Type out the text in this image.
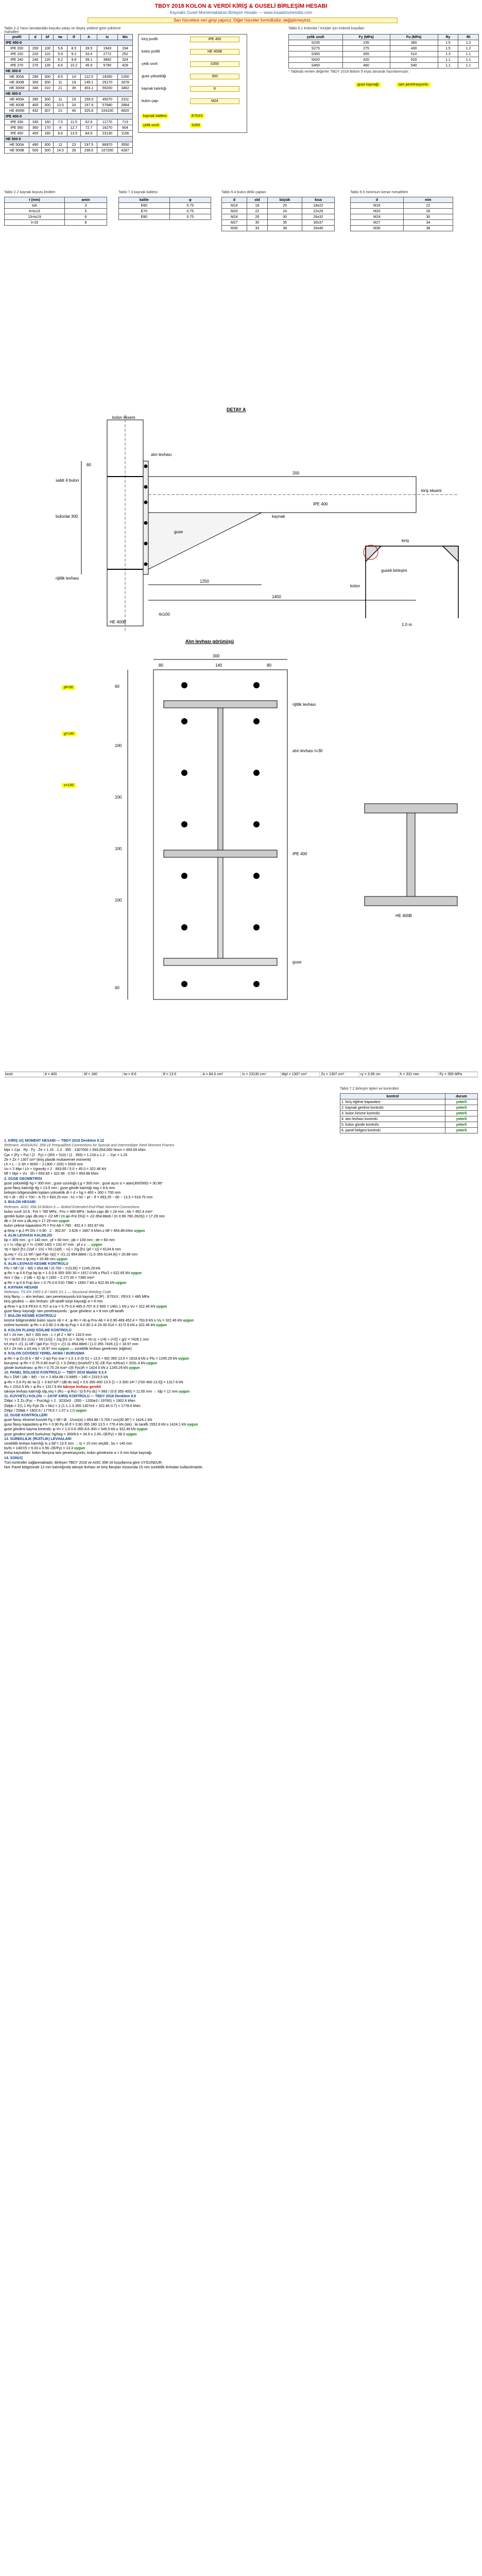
TBDY 2018 KOLON & VERDİ KİRİŞ & GUSELİ BİRLEŞİM HESABI
Kaynaklı Gusel Momentaktaran Birleşim Hesabı — www.insaatmuhendisi.com
Sarı hücrelere veri girişi yapınız. Diğer hücreler formüllüdür, değiştirmeyiniz.
Tablo 2.3 Yassı lamalardaki boyutlu yatay ve düşey yüklere göre yükleme mahalleri
profil	d	bf	tw	tf	A	Ix	Wx
IPE 450-0							
IPE 200	200	100	5.6	8.5	28.5	1943	194
IPE 220	220	110	5.9	9.2	33.4	2772	252
IPE 240	240	120	6.2	9.8	39.1	3892	324
IPE 270	270	135	6.6	10.2	45.9	5790	429
HE 300-0							
HE 300A	290	300	8.5	14	112.5	18260	1260
HE 300B	300	300	11	19	149.1	25170	1678
HE 300M	340	310	21	39	303.1	59200	3482
HE 400-0							
HE 400A	390	300	11	19	159.0	45070	2311
HE 400B	400	300	13.5	24	197.8	57680	2884
HE 400M	432	307	21	40	325.8	104100	4820
IPE 400-0							
IPE 330	330	160	7.5	11.5	62.6	11770	713
IPE 360	360	170	8	12.7	72.7	16270	904
IPE 400	400	180	8.6	13.5	84.5	23130	1156
HE 500-0							
HE 500A	490	300	12	23	197.5	86970	3550
HE 500B	500	300	14.5	28	238.6	107200	4287
kiriş profili
IPE 400
kolon profili
HE 400B
çelik sınıfı
S355
guse yüksekliği
300
kaynak kalınlığı
8
bulon çapı
M24
kaynak kalitesi	E70XX
çelik sınıfı	S355
Tablo 6.1 Kolonlar / Kirişler için enkesit koşulları
çelik sınıfı	Fy (MPa)	Fu (MPa)	Ry	Rt
S235	235	360	1.5	1.2
S275	275	430	1.5	1.2
S355	355	510	1.3	1.1
S420	420	520	1.1	1.1
S460	460	540	1.1	1.1
* Tabloda verilen değerler TBDY 2018 Bölüm 9 esas alınarak hazırlanmıştır.
guse kaynağı	tam penetrasyonlu
Tablo 2.2 kaynak boyutu limitleri
t (mm)	amin
t≤6	3
6<t≤13	5
13<t≤19	6
t>19	8
Tablo 7.3 kaynak kalitesi
kalite	φ
E60	0.75
E70	0.75
E80	0.75
Tablo 9.4 bulon delik çapları
d	std	büyük	kısa
M16	18	20	18x22
M20	22	24	22x26
M24	26	30	26x32
M27	30	35	30x37
M30	33	38	33x40
Tablo 9.5 minimum kenar mesafeleri
d	min
M16	22
M20	26
M24	30
M27	34
M30	38
DETAY A
kolon ekseni
kiriş ekseni
guse
alın levhası
bulonlar	kaynak
sabit 4 bulon
rijitlik levhası
1450
1250
300
200
4x100
IPE 400
HE 400B
80
kolon
kiriş
guseli birleşim
1.0 m
Alın levhası görünüşü
300
80	140	80
60
100
100
100
100
60
rijitlik levhası
alın levhası t=30
guse
HE 400B
IPE 400
pf=30
g=140
s=100
kesit	d = 400	bf = 180	tw = 8.6	tf = 13.5	A = 84.5 cm²	Ix = 23130 cm⁴	Wpl = 1307 cm³	Zx = 1307 cm³	ry = 3.95 cm	h = 331 mm	Fy = 355 MPa
Tablo 7.2 birleşim tipleri ve kontrolleri
kontrol	durum
1. kiriş eğilme kapasitesi	yeterli
2. kaynak gerilme kontrolü	yeterli
3. bulon kesme kontrolü	yeterli
4. alın levhası kontrolü	yeterli
5. kolon gövde kontrolü	yeterli
6. panel bölgesi kontrolü	yeterli
1. KİRİŞ UÇ MOMENT HESABI — TBDY 2018 Denklem 9.12
Referans: ANSI/AISC 358-16 Prequalified Connections for Special and Intermediate Steel Moment Frames
Mpr = Cpr · Ry · Fy · Ze = 1.15 · 1.3 · 355 · 1307000 = 693,654,000 Nmm = 693.65 kNm
Cpr = (Fy + Fu) / (2 · Fy) = (355 + 510) / (2 · 355) = 1.218 ≤ 1.2 → Cpr = 1.20
Ze = Zx = 1307 cm³ (kiriş plastik mukavemet momenti)
Lh = L − 2·Sh = 6000 − 2·(300 + 200) = 5000 mm
Vu = 2·Mpr / Lh + Vgravity = 2 · 693.65 / 5.0 + 45.0 = 322.46 kN
Mf = Mpr + Vu · Sh = 693.65 + 322.46 · 0.50 = 854.88 kNm
2. GUSE GEOMETRİSİ
guse yüksekliği hg = 300 mm ; guse uzunluğu Lg = 500 mm ; guse açısı α = atan(300/500) = 30.96°
guse flanş kalınlığı tfg = 13.5 mm ; guse gövde kalınlığı twg = 8.6 mm
birleşim bölgesindeki toplam yükseklik dt = d + hg = 400 + 300 = 700 mm
h0 = dt − tf/2 = 700 − 6.75 = 693.25 mm ; h1 = h0 − pf − tf = 693.25 − 60 − 13.5 = 619.75 mm
3. BULON HESABI
Referans: AISC 358-16 Bölüm 6 — Bolted Extended End-Plate Moment Connections
bulon sınıfı 10.9 ; Fnt = 780 MPa ; Fnv = 469 MPa ; bulon çapı db = 24 mm ; Ab = 452.4 mm²
gerekli bulon çapı db,req = √(2·Mf / (π·φn·Fnt·Σhi)) = √(2·854.88e6 / (π·0.90·780·2626)) = 17.29 mm
db = 24 mm ≥ db,req = 17.29 mm uygun
bulon çekme kapasitesi Pt = Fnt·Ab = 780 · 452.4 = 352.87 kN
φ·Mnp = φ·2·Pt·Σhi = 0.90 · 2 · 352.87 · 2.626 = 1667.9 kNm ≥ Mf = 854.88 kNm uygun
4. ALIN LEVHASI KALINLIĞI
bp = 300 mm ; g = 140 mm ; pf = 60 mm ; pb = 100 mm ; de = 60 mm
s = ½·√(bp·g) = ½·√(300·140) = 102.47 mm ; pf ≤ s → uygun
Yp = bp/2·[h1·(1/pf + 1/s) + h0·(1/pf) − ½] + 2/g·[h1·(pf + s)] = 6134.8 mm
tp,req = √(1.11·Mf / (φd·Fyp·Yp)) = √(1.11·854.88e6 / (1.0·355·6134.8)) = 20.88 mm
tp = 30 mm ≥ tp,req = 20.88 mm uygun
5. ALIN LEVHASI KESME KONTROLÜ
Ffu = Mf / (d − tbf) = 854.88 / (0.700 − 0.0135) = 1245.29 kN
φ·Rn = φ·0.6·Fyp·bp·tp = 1.0·0.6·355·300·30 = 1917.0 kN ≥ Ffu/2 = 622.65 kN uygun
Anv = (bp − 2·(db + 3))·tp = (300 − 2·27)·30 = 7380 mm²
φ·Rn = φ·0.6·Fup·Anv = 0.75·0.6·510·7380 = 1693.7 kN ≥ 622.65 kN uygun
6. KAYNAK HESABI
Referans: TS EN 1993-1-8 / AWS D1.1 — Structural Welding Code
kiriş flanşı — alın levhası: tam penetrasyonlu küt kaynak (CJP) ; E70XX ; FEXX = 485 MPa
kiriş gövdesi — alın levhası: çift taraflı köşe kaynağı a = 8 mm
φ·Rnw = φ·0.6·FEXX·0.707·a·Lw = 0.75·0.6·485·0.707·8·2·600 = 1481.1 kN ≥ Vu = 322.46 kN uygun
guse flanşı kaynağı: tam penetrasyonlu ; guse gövdesi: a = 8 mm çift taraflı
7. BULON KESME KONTROLÜ
kesme bölgesindeki bulon sayısı nb = 4 ; φ·Rn = nb·φ·Fnv·Ab = 4·0.90·469·452.4 = 763.8 kN ≥ Vu = 322.46 kN uygun
ezilme kontrolü: φ·Rn = 4·0.90·2.4·db·tp·Fup = 4·0.90·2.4·24·30·510 = 3172.6 kN ≥ 322.46 kN uygun
8. KOLON FLANŞI EĞİLME KONTROLÜ
tcf = 24 mm ; bcf = 300 mm ; c = pf·2 + tbf = 133.5 mm
Yc = bcf/2·[h1·(1/s) + h0·(1/s)] + 2/g·[h1·(s + 3c/4) + h0·(s + c/4) + c²/2] + g/2 = 7426.1 mm
tcf,req = √(1.11·Mf / (φd·Fyc·Yc)) = √(1.11·854.88e6 / (1.0·355·7426.1)) = 18.97 mm
tcf = 24 mm ≥ tcf,req = 18.97 mm uygun — süreklilik levhası gerekmez (eğilme)
9. KOLON GÖVDESİ YEREL AKMA / BURUŞMA
φ·Rn = φ·Ct·(6·k + tbf + 2·tp)·Fyc·tcw = 1.0·1.0·(6·51 + 13.5 + 60)·355·13.5 = 1818.8 kN ≥ Ffu = 1245.29 kN uygun
buruşma: φ·Rn = 0.75·0.80·tcw²·[1 + 3·(N/dc)·(tcw/tcf)^1.5]·√(E·Fyc·tcf/tcw) = 2031.4 kN uygun
gövde burkulması: φ·Rn = 0.75·24·tcw³·√(E·Fyc)/h = 1424.5 kN ≥ 1245.29 kN uygun
10. PANEL BÖLGESİ KONTROLÜ — TBDY 2018 Madde 9.3.4
Ru = ΣMf / (db − tbf) − Vc = 2·854.88 / 0.6865 − 180 = 2310.5 kN
φ·Rv = 0.6·Fy·dc·tw·[1 + 3·bcf·tcf² / (db·dc·tw)] = 0.6·355·400·13.5·[1 + 3·300·24² / (700·400·13.5)] = 1317.6 kN
Ru = 2310.5 kN > φ·Rv = 1317.6 kN takviye levhası gerekli
takviye levhası kalınlığı tdp,req = (Ru − φ·Rv) / (0.6·Fy·dc) = 993 / (0.6·355·400) = 11.65 mm → tdp = 12 mm uygun
11. KUVVETLİ KOLON — ZAYIF KİRİŞ KONTROLÜ — TBDY 2018 Denklem 9.9
ΣMpc = Σ Zc·(Fyc − Puc/Ag) = 2 · 3232e3 · (355 − 1200e3 / 19780) = 1902.6 kNm
ΣMpb = Σ(1.1·Ry·Fyb·Zb + Mv) = 2·(1.1·1.3·355·1307e3 + 322.46·0.7) = 1778.6 kNm
ΣMpc / ΣMpb = 1902.6 / 1778.6 = 1.07 ≥ 1.0 uygun
12. GUSE KONTROLLERİ
guse flanşı eksenel kuvveti Fg = Mf / dt · 1/cos(α) = 854.88 / 0.700 / cos(30.96°) = 1424.1 kN
guse flanşı kapasitesi φ·Pn = 0.90·Fy·bf·tf = 0.90·355·180·13.5 = 776.4 kN (tek) ; iki taraflı 1552.8 kN ≥ 1424.1 kN uygun
guse gövdesi kayma kontrolü: φ·Vn = 1.0·0.6·355·8.6·300 = 549.5 kN ≥ 322.46 kN uygun
guse gövdesi yerel burkulma: hg/twg = 300/8.6 = 34.9 ≤ 2.45·√(E/Fy) = 58.3 uygun
13. SÜREKLİLİK (RİJİTLİK) LEVHALARI
süreklilik levhası kalınlığı ts ≥ tbf = 13.5 mm → ts = 15 mm seçildi ; bs = 140 mm
bs/ts = 140/15 = 9.33 ≤ 0.56·√(E/Fy) = 13.3 uygun
levha kaynakları: kolon flanşına tam penetrasyonlu, kolon gövdesine a = 6 mm köşe kaynağı
14. SONUÇ
Tüm kontroller sağlanmaktadır. Birleşim TBDY 2018 ve AISC 358-16 koşullarına göre UYGUNDUR.
Not: Panel bölgesinde 12 mm kalınlığında takviye levhası ve kiriş flanşları hizasında 15 mm süreklilik levhaları kullanılmalıdır.
